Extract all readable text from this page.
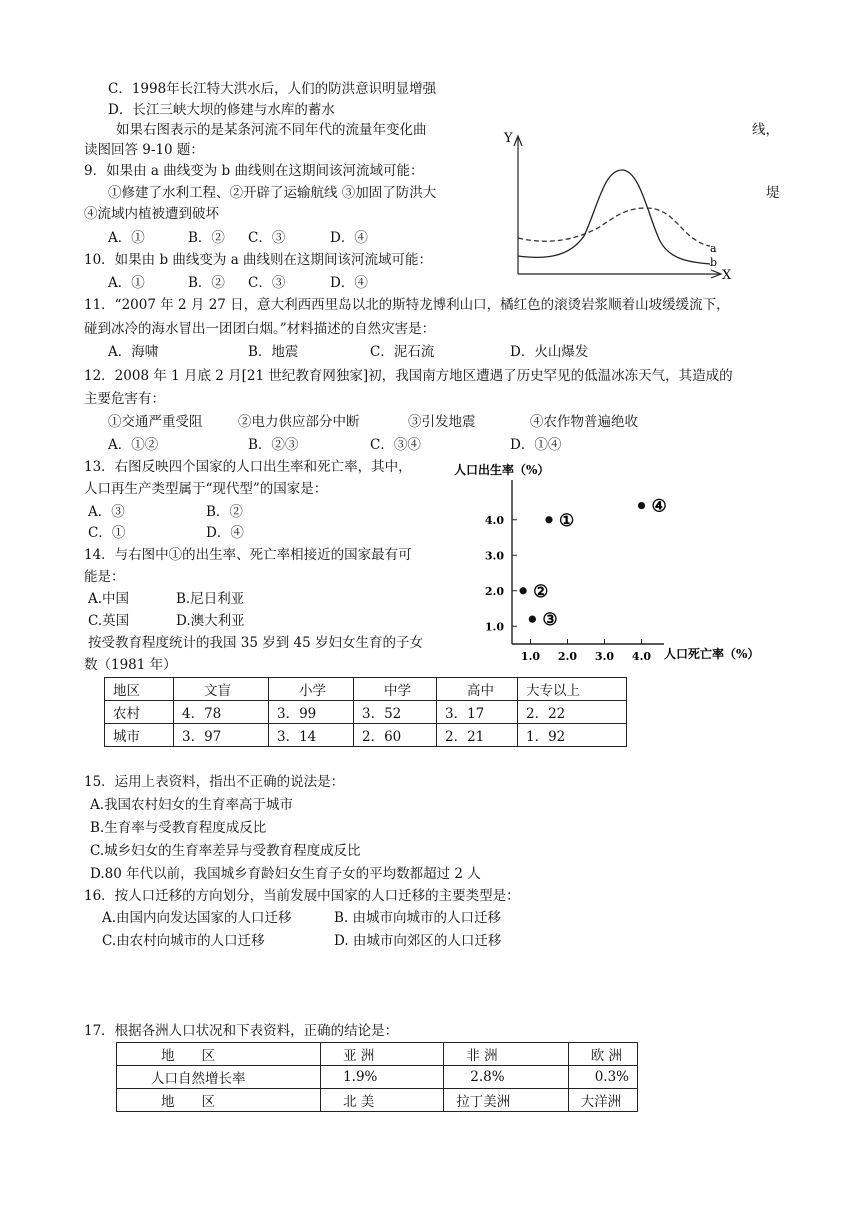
C．1998年长江特大洪水后，人们的防洪意识明显增强
D．长江三峡大坝的修建与水库的蓄水
如果右图表示的是某条河流不同年代的流量年变化曲	线，
读图回答 9-10 题：
9．如果由 a 曲线变为 b 曲线则在这期间该河流域可能：
①修建了水利工程、②开辟了运输航线 ③加固了防洪大	堤
④流域内植被遭到破坏
A．①	B．② C．③	D．④
10．如果由 b 曲线变为 a 曲线则在这期间该河流域可能：
A．①	B．② C．③	D．④
Y
X
a
b
11．“2007 年 2 月 27 日，意大利西西里岛以北的斯特龙博利山口，橘红色的滚烫岩浆顺着山坡缓缓流下，
碰到冰冷的海水冒出一团团白烟。”材料描述的自然灾害是：
A．海啸	B．地震	C．泥石流	D．火山爆发
12．2008 年 1 月底 2 月[21 世纪教育网独家]初，我国南方地区遭遇了历史罕见的低温冰冻天气，其造成的
主要危害有：
①交通严重受阻	②电力供应部分中断	③引发地震	④农作物普遍绝收
A．①②	B．②③	C．③④	D．①④
13．右图反映四个国家的人口出生率和死亡率，其中，
人口再生产类型属于“现代型”的国家是：
A．③	B．②
C．①	D．④
14．与右图中①的出生率、死亡率相接近的国家最有可
能是：
A.中国	B.尼日利亚
C.英国	D.澳大利亚
人口出生率（%）
人口死亡率（%）
1.0
2.0
3.0
4.0
1.0 2.0 3.0 4.0
①
②
③
④
按受教育程度统计的我国 35 岁到 45 岁妇女生育的子女
数（1981 年）
地区	文盲	小学	中学	高中	大专以上
农村	4．78	3．99	3．52	3．17	2．22
城市	3．97	3．14	2．60	2．21	1．92
15．运用上表资料，指出不正确的说法是：
A.我国农村妇女的生育率高于城市
B.生育率与受教育程度成反比
C.城乡妇女的生育率差异与受教育程度成反比
D.80 年代以前，我国城乡育龄妇女生育子女的平均数都超过 2 人
16．按人口迁移的方向划分，当前发展中国家的人口迁移的主要类型是：
A.由国内向发达国家的人口迁移	B. 由城市向城市的人口迁移
C.由农村向城市的人口迁移	D. 由城市向郊区的人口迁移
17．根据各洲人口状况和下表资料，正确的结论是：
地　　区	亚 洲	非 洲	欧 洲
人口自然增长率	1.9%	2.8%	0.3%
地　　区	北 美	拉丁美洲	大洋洲
